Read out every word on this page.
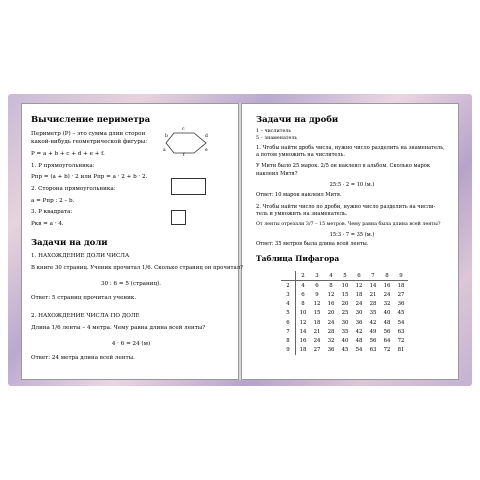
Вычисление периметра
Периметр (P) – это сумма длин сторон
какой-нибудь геометрической фигуры:
P = a + b + c + d + e + f.
1. P прямоугольника:
Pпр = (a + b) · 2 или Pпр = a · 2 + b · 2.
2. Сторона прямоугольника:
a = Pпр : 2 – b.
3. P квадрата:
Pкв = a · 4.
b
c
d
a
f
e
Задачи на доли
1. НАХОЖДЕНИЕ ДОЛИ ЧИСЛА
В книге 30 страниц. Ученик прочитал 1/6. Сколько страниц он прочитал?
30 : 6 = 5 (страниц).
Ответ: 5 страниц прочитал ученик.
2. НАХОЖДЕНИЕ ЧИСЛА ПО ДОЛЕ
Длина 1/6 ленты – 4 метра. Чему равна длина всей ленты?
4 · 6 = 24 (м)
Ответ: 24 метра длина всей ленты.
Задачи на дроби
1 – числитель
5 – знаменатель
1. Чтобы найти дробь числа, нужно число разделить на знаменатель,
а потом умножить на числитель.
У Мити было 25 марок. 2/5 он наклеил в альбом. Сколько марок
наклеил Митя?
25:5 · 2 = 10 (м.)
Ответ: 10 марок наклеил Митя.
2. Чтобы найти число по дроби, нужно число разделить на числи-
тель и умножить на знаменатель.
От ленты отрезали 3/7 – 15 метров. Чему равна была длина всей ленты?
15:3 · 7 = 35 (м.)
Ответ: 35 метров была длина всей ленты.
Таблица Пифагора
	2	3	4	5	6	7	8	9
2	4	6	8	10	12	14	16	18
3	6	9	12	15	18	21	24	27
4	8	12	16	20	24	28	32	36
5	10	15	20	25	30	35	40	45
6	12	18	24	30	36	42	48	54
7	14	21	28	35	42	49	56	63
8	16	24	32	40	48	56	64	72
9	18	27	36	45	54	63	72	81
